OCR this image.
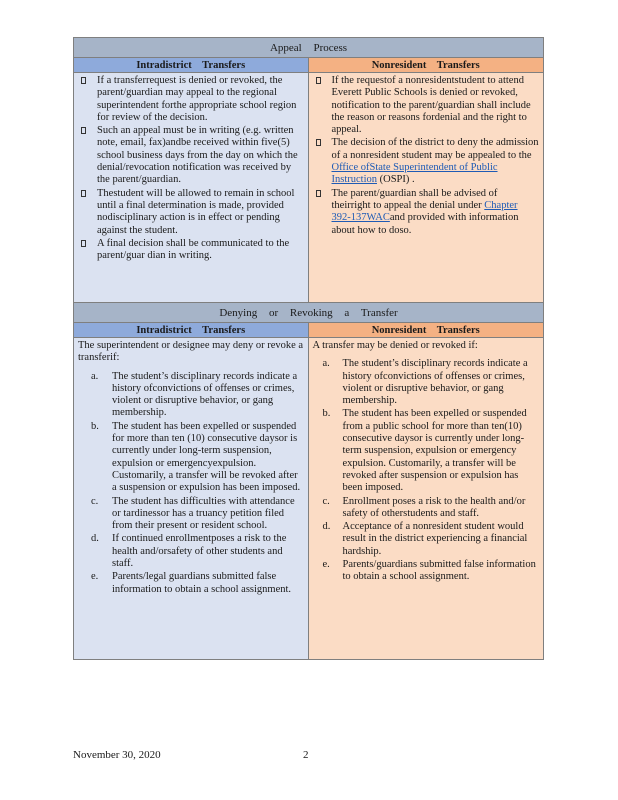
Appeal Process
Intradistrict Transfers
If a transferrequest is denied or revoked, the parent/guardian may appeal to the regional superintendent forthe appropriate school region for review of the decision.
Such an appeal must be in writing (e.g. written note, email, fax)andbe received within five(5) school business days from the day on which the denial/revocation notification was received by the parent/guardian.
Thestudent will be allowed to remain in school until a final determination is made, provided nodisciplinary action is in effect or pending against the student.
A final decision shall be communicated to the parent/guar dian in writing.
Nonresident Transfers
If the requestof a nonresidentstudent to attend Everett Public Schools is denied or revoked, notification to the parent/guardian shall include the reason or reasons fordenial and the right to appeal.
The decision of the district to deny the admission of a nonresident student may be appealed to the Office ofState Superintendent of Public Instruction (OSPI) .
The parent/guardian shall be advised of theirright to appeal the denial under Chapter 392-137WACand provided with information about how to doso.
Denying or Revoking a Transfer
Intradistrict Transfers
The superintendent or designee may deny or revoke a transferif:
a. The student’s disciplinary records indicate a history ofconvictions of offenses or crimes, violent or disruptive behavior, or gang membership.
b. The student has been expelled or suspended for more than ten (10) consecutive daysor is currently under long-term suspension, expulsion or emergencyexpulsion. Customarily, a transfer will be revoked after a suspension or expulsion has been imposed.
c. The student has difficulties with attendance or tardinessor has a truancy petition filed from their present or resident school.
d. If continued enrollmentposes a risk to the health and/orsafety of other students and staff.
e. Parents/legal guardians submitted false information to obtain a school assignment.
Nonresident Transfers
A transfer may be denied or revoked if:
a. The student’s disciplinary records indicate a history ofconvictions of offenses or crimes, violent or disruptive behavior, or gang membership.
b. The student has been expelled or suspended from a public school for more than ten(10) consecutive daysor is currently under long-term suspension, expulsion or emergency expulsion. Customarily, a transfer will be revoked after suspension or expulsion has been imposed.
c. Enrollment poses a risk to the health and/or safety of otherstudents and staff.
d. Acceptance of a nonresident student would result in the district experiencing a financial hardship.
e. Parents/guardians submitted false information to obtain a school assignment.
November 30, 2020	2
